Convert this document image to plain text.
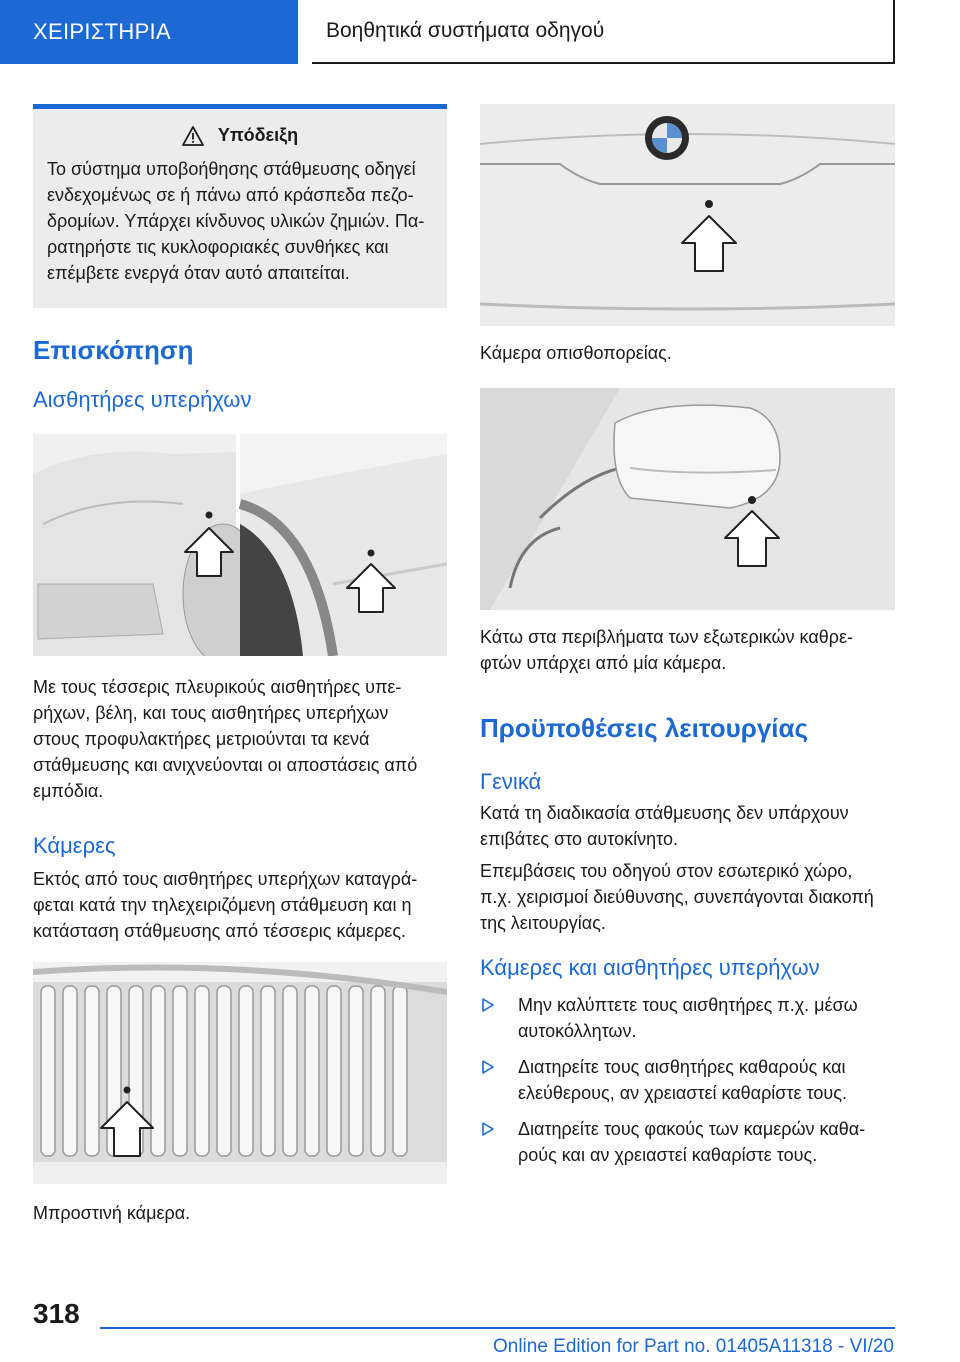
ΧΕΙΡΙΣΤΗΡΙΑ	Βοηθητικά συστήματα οδηγού
Υπόδειξη

Το σύστημα υποβοήθησης στάθμευσης οδηγεί
ενδεχομένως σε ή πάνω από κράσπεδα πεζο-
δρομίων. Υπάρχει κίνδυνος υλικών ζημιών. Πα-
ρατηρήστε τις κυκλοφοριακές συνθήκες και
επέμβετε ενεργά όταν αυτό απαιτείται.

Επισκόπηση
Αισθητήρες υπερήχων

Με τους τέσσερις πλευρικούς αισθητήρες υπε-
ρήχων, βέλη, και τους αισθητήρες υπερήχων
στους προφυλακτήρες μετριούνται τα κενά
στάθμευσης και ανιχνεύονται οι αποστάσεις από
εμπόδια.

Κάμερες

Εκτός από τους αισθητήρες υπερήχων καταγρά-
φεται κατά την τηλεχειριζόμενη στάθμευση και η
κατάσταση στάθμευσης από τέσσερις κάμερες.

Μπροστινή κάμερα.

Κάμερα οπισθοπορείας.

Κάτω στα περιβλήματα των εξωτερικών καθρε-
φτών υπάρχει από μία κάμερα.

Προϋποθέσεις λειτουργίας
Γενικά

Κατά τη διαδικασία στάθμευσης δεν υπάρχουν
επιβάτες στο αυτοκίνητο.

Επεμβάσεις του οδηγού στον εσωτερικό χώρο,
π.χ. χειρισμοί διεύθυνσης, συνεπάγονται διακοπή
της λειτουργίας.

Κάμερες και αισθητήρες υπερήχων
Μην καλύπτετε τους αισθητήρες π.χ. μέσω
αυτοκόλλητων.
Διατηρείτε τους αισθητήρες καθαρούς και
ελεύθερους, αν χρειαστεί καθαρίστε τους.
Διατηρείτε τους φακούς των καμερών καθα-
ρούς και αν χρειαστεί καθαρίστε τους.
318
Online Edition for Part no. 01405A11318 - VI/20
